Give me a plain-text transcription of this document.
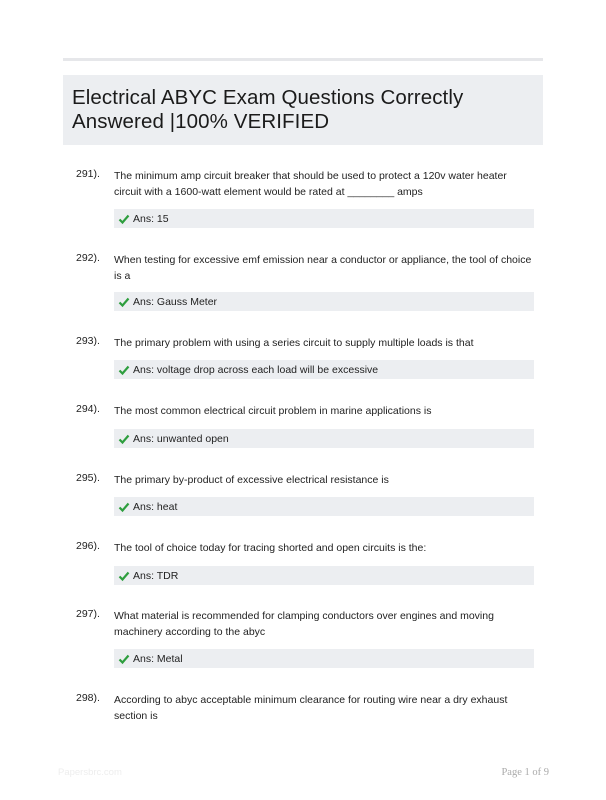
Electrical ABYC Exam Questions Correctly Answered |100% VERIFIED
291). The minimum amp circuit breaker that should be used to protect a 120v water heater circuit with a 1600-watt element would be rated at ________ amps
Ans: 15
292). When testing for excessive emf emission near a conductor or appliance, the tool of choice is a
Ans: Gauss Meter
293). The primary problem with using a series circuit to supply multiple loads is that
Ans: voltage drop across each load will be excessive
294). The most common electrical circuit problem in marine applications is
Ans: unwanted open
295). The primary by-product of excessive electrical resistance is
Ans: heat
296). The tool of choice today for tracing shorted and open circuits is the:
Ans: TDR
297). What material is recommended for clamping conductors over engines and moving machinery according to the abyc
Ans: Metal
298). According to abyc acceptable minimum clearance for routing wire near a dry exhaust section is
Papersbrc.com	Page 1 of 9
